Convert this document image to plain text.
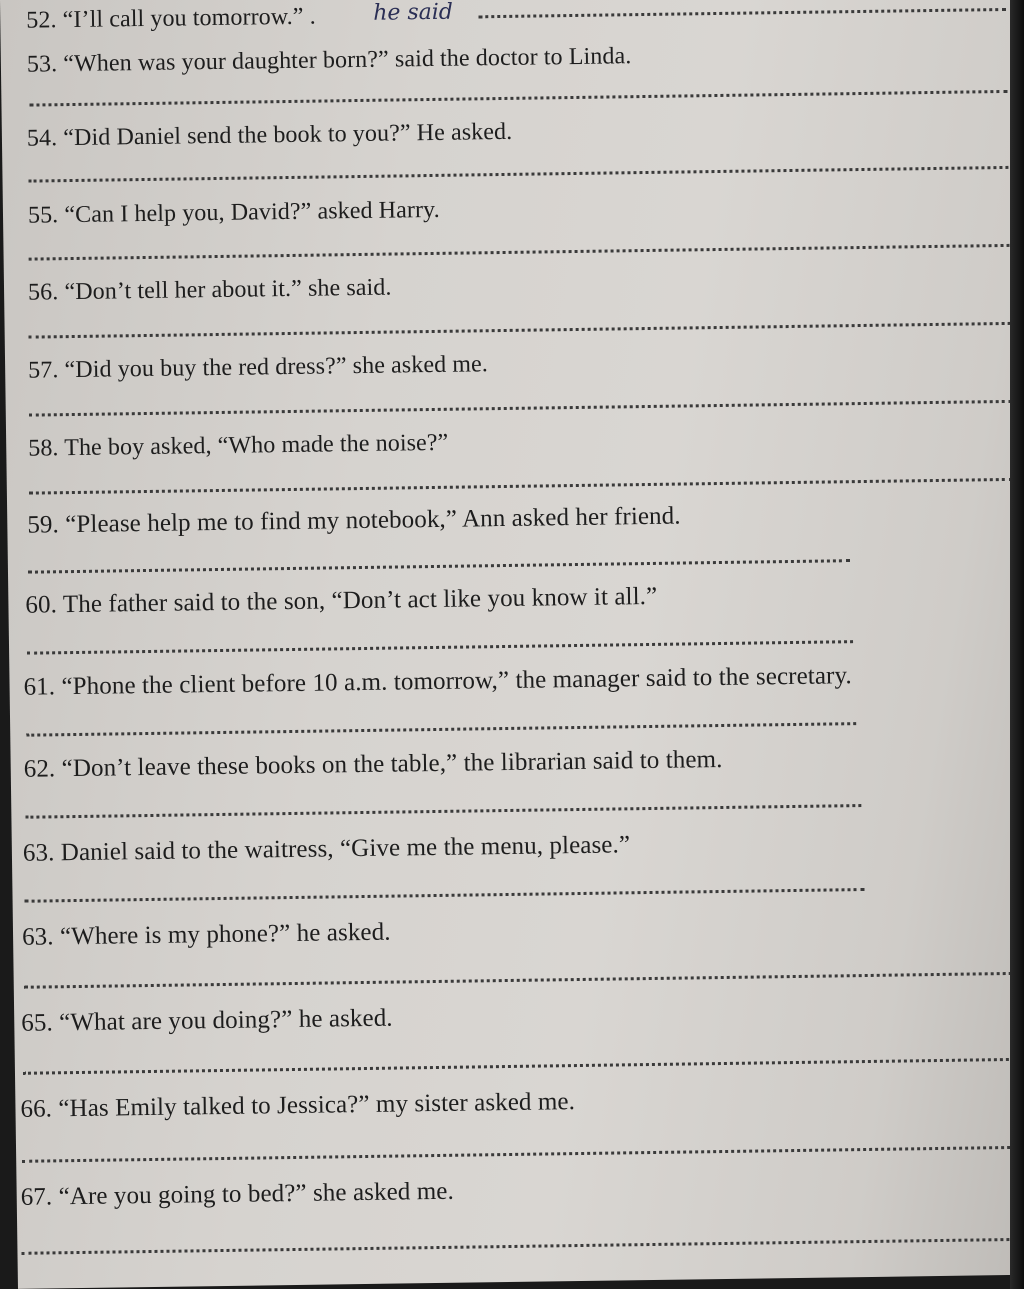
52. “I’ll call you tomorrow.” .	he said
53. “When was your daughter born?” said the doctor to Linda.
54. “Did Daniel send the book to you?” He asked.
55. “Can I help you, David?” asked Harry.
56. “Don’t tell her about it.” she said.
57. “Did you buy the red dress?” she asked me.
58. The boy asked, “Who made the noise?”
59. “Please help me to find my notebook,” Ann asked her friend.
60. The father said to the son, “Don’t act like you know it all.”
61. “Phone the client before 10 a.m. tomorrow,” the manager said to the secretary.
62. “Don’t leave these books on the table,” the librarian said to them.
63. Daniel said to the waitress, “Give me the menu, please.”
63. “Where is my phone?” he asked.
65. “What are you doing?” he asked.
66. “Has Emily talked to Jessica?” my sister asked me.
67. “Are you going to bed?” she asked me.
